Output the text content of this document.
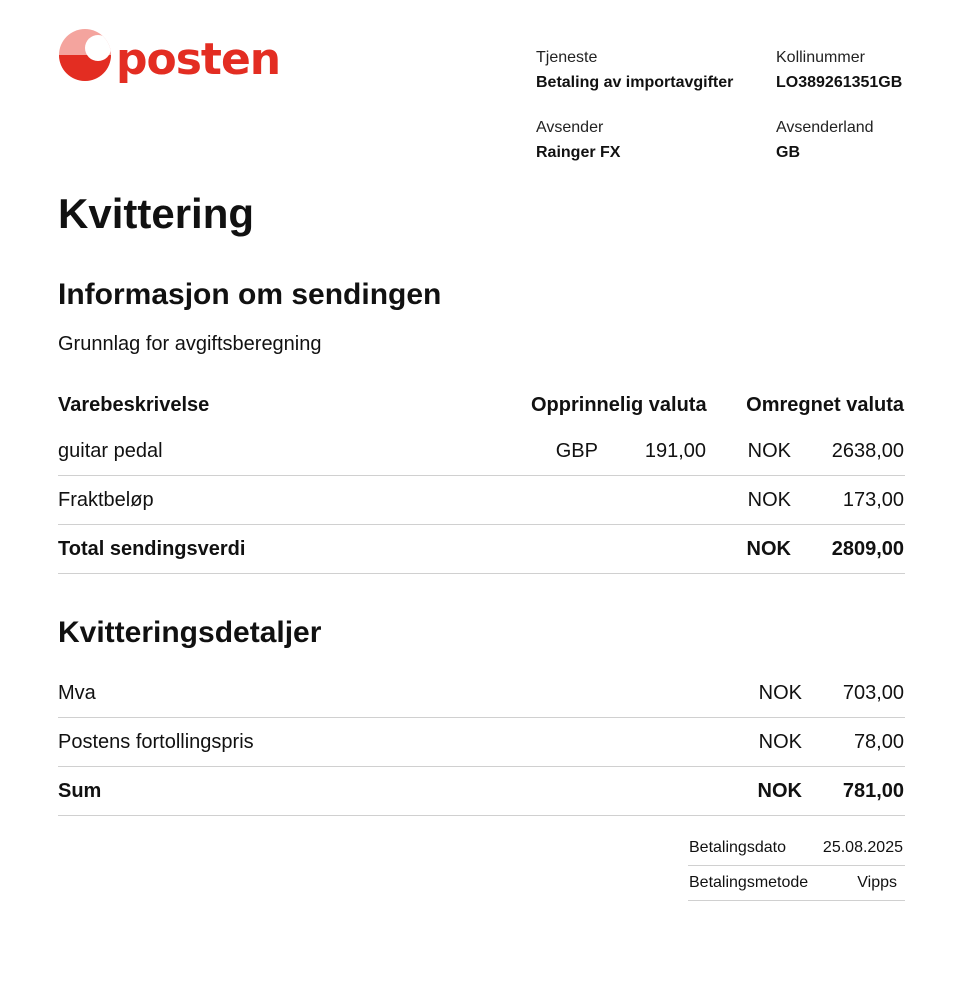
posten	Tjeneste
Betaling av importavgifter
Kollinummer
LO389261351GB
Avsender
Rainger FX
Avsenderland
GB
Kvittering
Informasjon om sendingen
Grunnlag for avgiftsberegning
Varebeskrivelse	Opprinnelig valuta Omregnet valuta
guitar pedal	GBP 191,00 NOK 2638,00
Fraktbeløp	NOK	173,00
Total sendingsverdi	NOK 2809,00
Kvitteringsdetaljer
Mva	NOK 703,00
Postens fortollingspris	NOK	78,00
Sum	NOK 781,00
Betalingsdato 25.08.2025
Betalingsmetode	Vipps
